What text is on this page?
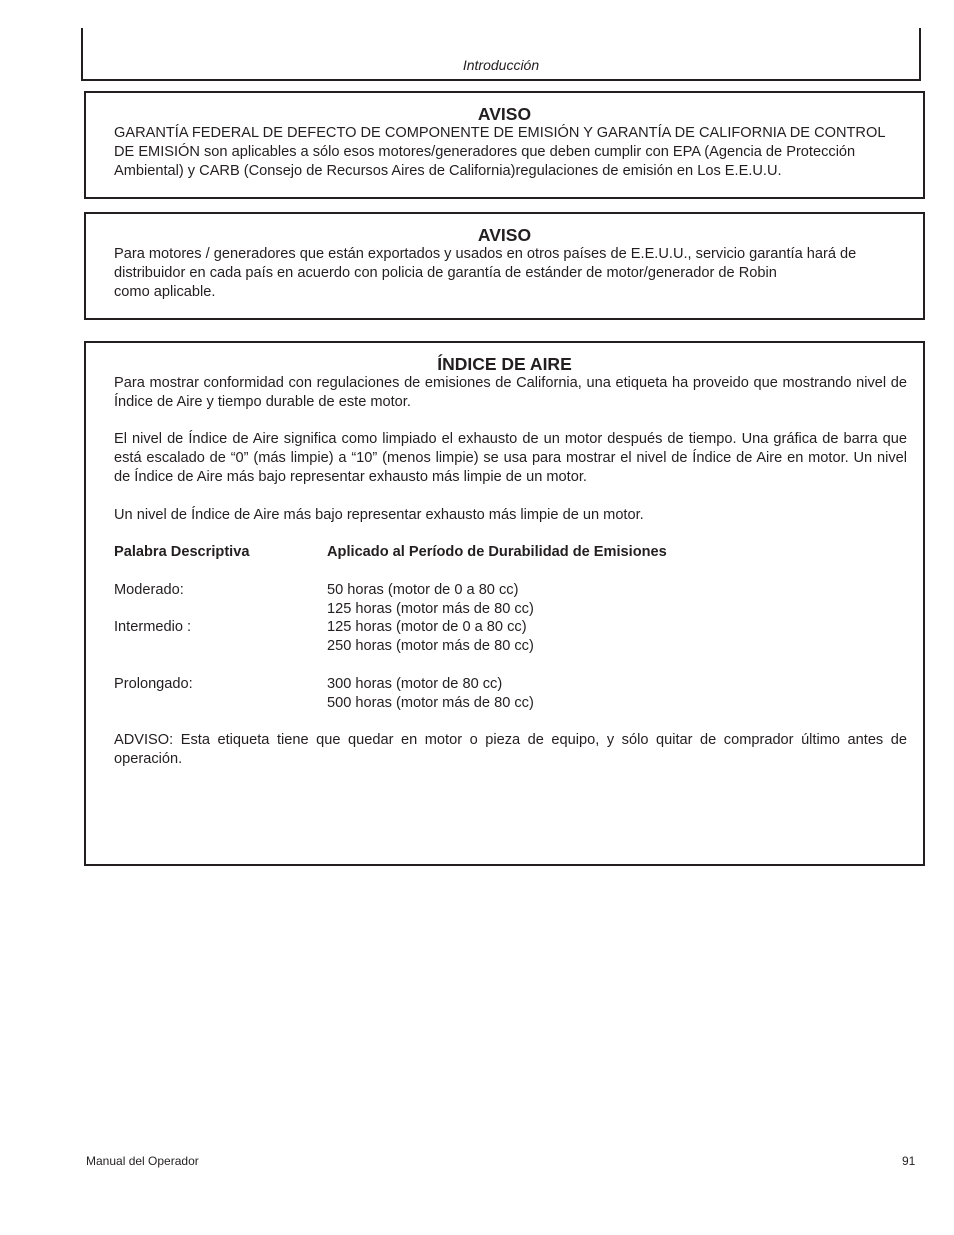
Introducción

AVISO

GARANTÍA FEDERAL DE DEFECTO DE COMPONENTE DE EMISIÓN Y GARANTÍA DE CALIFORNIA DE CONTROL
DE EMISIÓN son aplicables a sólo esos motores/generadores que deben cumplir con EPA (Agencia de Protección
Ambiental) y CARB (Consejo de Recursos Aires de California)regulaciones de emisión en Los E.E.U.U.

AVISO

Para motores / generadores que están exportados y usados en otros países de E.E.U.U., servicio garantía hará de
distribuidor en cada país en acuerdo con policia de garantía de estánder de motor/generador de Robin
como aplicable.

ÍNDICE DE AIRE

Para mostrar conformidad con regulaciones de emisiones de California, una etiqueta ha proveido que mostrando nivel de Índice de Aire y tiempo durable de este motor.
El nivel de Índice de Aire significa como limpiado el exhausto de un motor después de tiempo. Una gráfica de barra que está escalado de “0” (más limpie) a “10” (menos limpie) se usa para mostrar el nivel de Índice de Aire en motor. Un nivel de Índice de Aire más bajo representar exhausto más limpie de un motor.
Un nivel de Índice de Aire más bajo representar exhausto más limpie de un motor.
Palabra Descriptiva	Aplicado al Período de Durabilidad de Emisiones
Moderado:	50 horas (motor de 0 a 80 cc)
125 horas (motor más de 80 cc)
Intermedio :	125 horas (motor de 0 a 80 cc)
250 horas (motor más de 80 cc)
Prolongado:	300 horas (motor de 80 cc)
500 horas (motor más de 80 cc)
ADVISO: Esta etiqueta tiene que quedar en motor o pieza de equipo, y sólo quitar de comprador último antes de operación.
Manual del Operador	91
